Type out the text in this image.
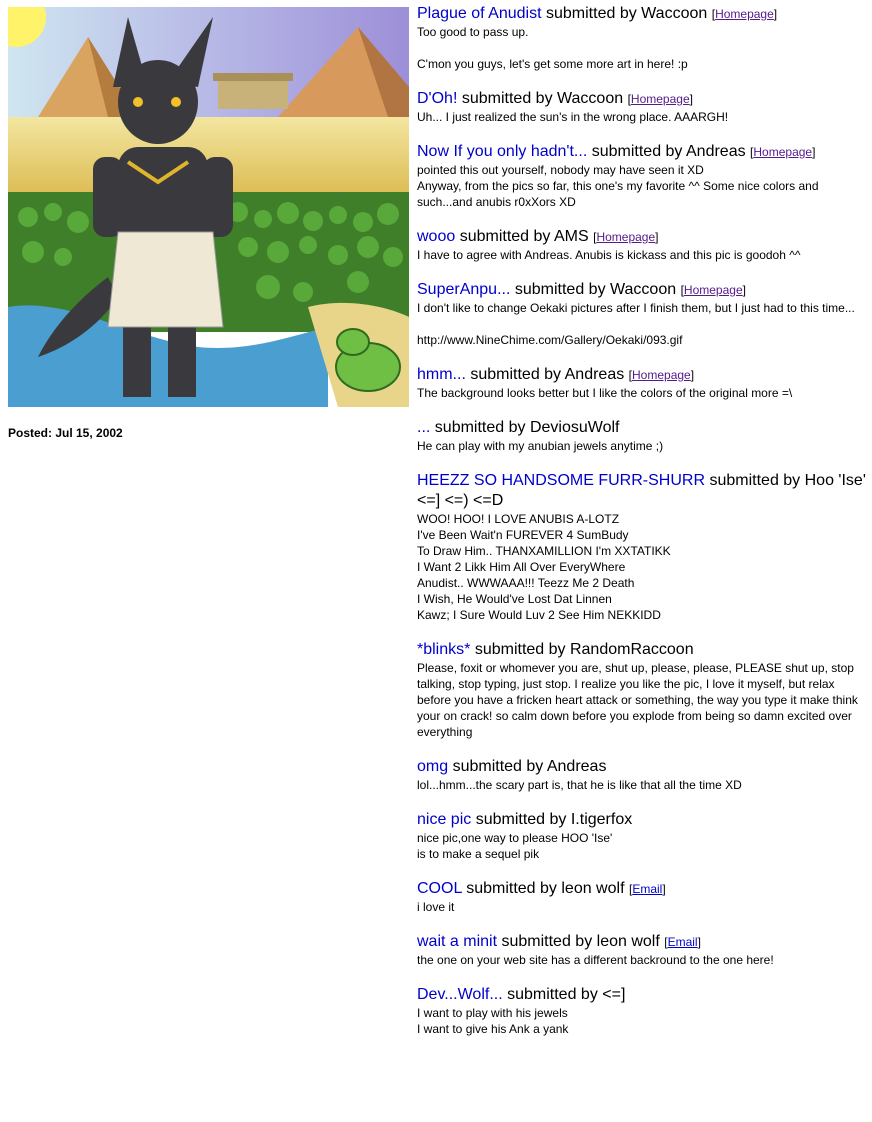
Posted: Jul 15, 2002
Plague of Anudist submitted by Waccoon [Homepage]
Too good to pass up.
C'mon you guys, let's get some more art in here! :p
D'Oh! submitted by Waccoon [Homepage]
Uh... I just realized the sun's in the wrong place. AAARGH!
Now If you only hadn't... submitted by Andreas [Homepage]
pointed this out yourself, nobody may have seen it XD
Anyway, from the pics so far, this one's my favorite ^^ Some nice colors and such...and anubis r0xXors XD
wooo submitted by AMS [Homepage]
I have to agree with Andreas. Anubis is kickass and this pic is goodoh ^^
SuperAnpu... submitted by Waccoon [Homepage]
I don't like to change Oekaki pictures after I finish them, but I just had to this time...
http://www.NineChime.com/Gallery/Oekaki/093.gif
hmm... submitted by Andreas [Homepage]
The background looks better but I like the colors of the original more =\
... submitted by DeviosuWolf
He can play with my anubian jewels anytime ;)
HEEZZ SO HANDSOME FURR-SHURR submitted by Hoo 'Ise' <=] <=) <=D
WOO! HOO! I LOVE ANUBIS A-LOTZ
I've Been Wait'n FUREVER 4 SumBudy
To Draw Him.. THANXAMILLION I'm XXTATIKK
I Want 2 Likk Him All Over EveryWhere
Anudist.. WWWAAA!!! Teezz Me 2 Death
I Wish, He Would've Lost Dat Linnen
Kawz; I Sure Would Luv 2 See Him NEKKIDD
*blinks* submitted by RandomRaccoon
Please, foxit or whomever you are, shut up, please, please, PLEASE shut up, stop talking, stop typing, just stop. I realize you like the pic, I love it myself, but relax before you have a fricken heart attack or something, the way you type it make think your on crack! so calm down before you explode from being so damn excited over everything
omg submitted by Andreas
lol...hmm...the scary part is, that he is like that all the time XD
nice pic submitted by I.tigerfox
nice pic,one way to please HOO 'Ise'
is to make a sequel pik
COOL submitted by leon wolf [Email]
i love it
wait a minit submitted by leon wolf [Email]
the one on your web site has a different backround to the one here!
Dev...Wolf... submitted by <=]
I want to play with his jewels
I want to give his Ank a yank
